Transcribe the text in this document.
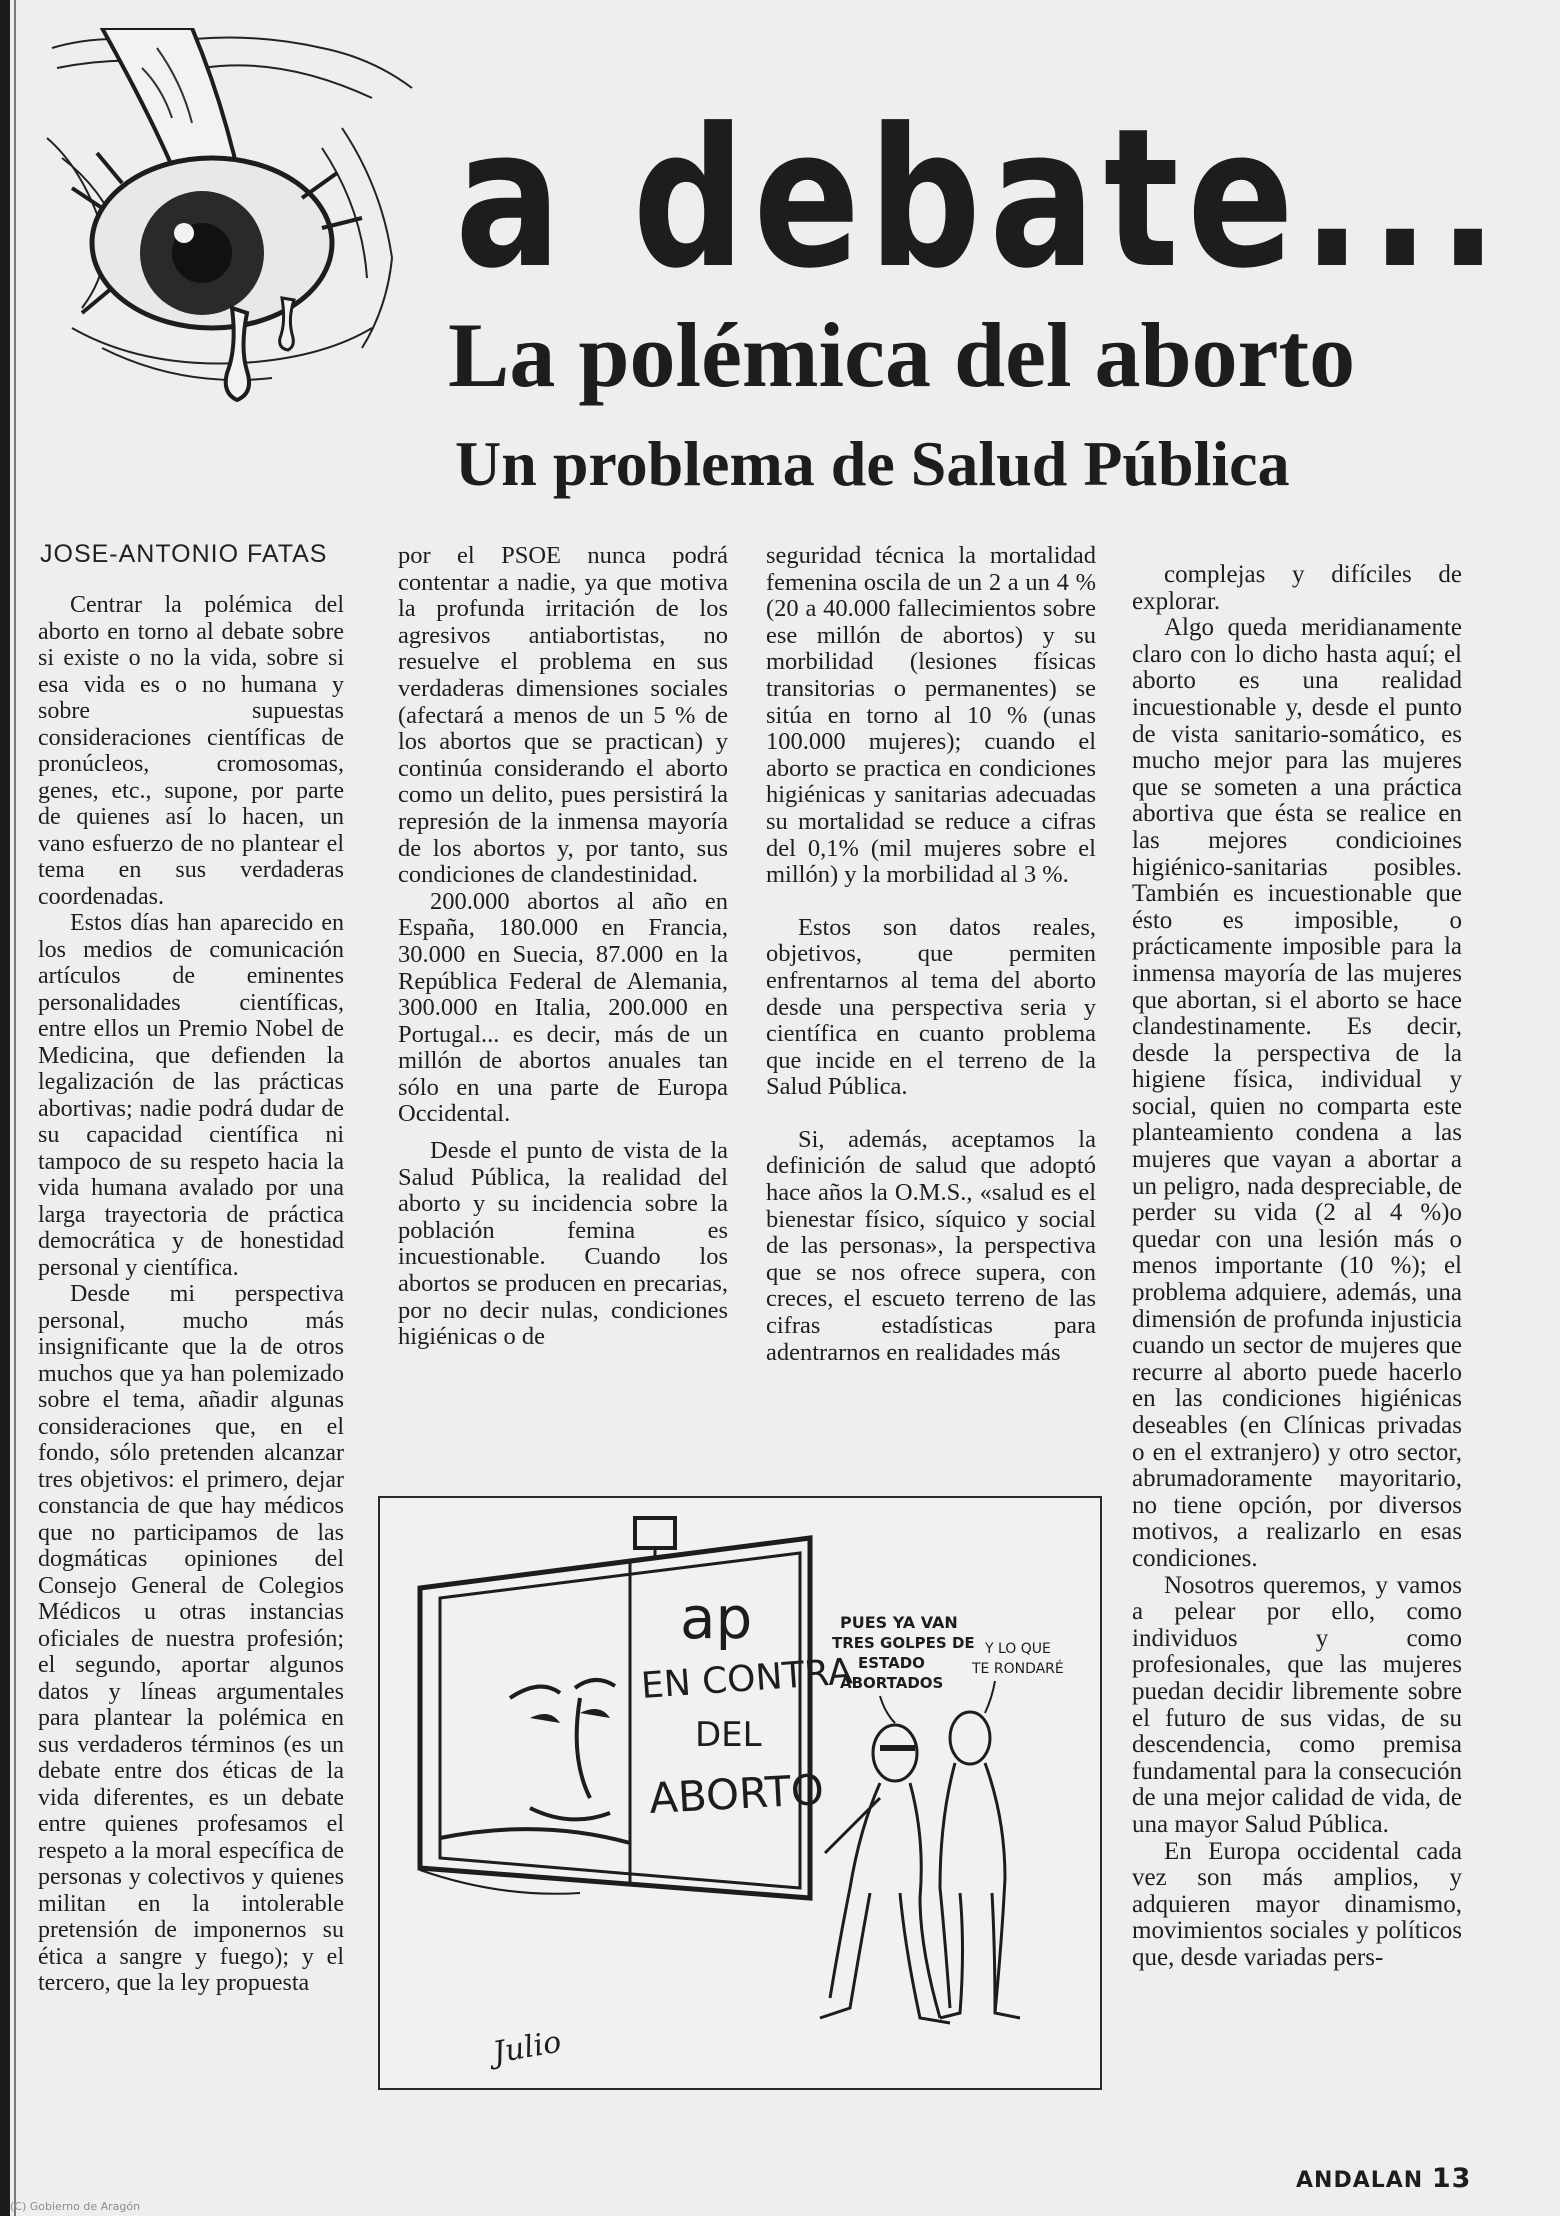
a debate...
La polémica del aborto
Un problema de Salud Pública
JOSE-ANTONIO FATAS

Centrar la polémica del aborto en torno al debate sobre si existe o no la vida, sobre si esa vida es o no humana y sobre supuestas consideraciones científicas de pronúcleos, cromosomas, genes, etc., supone, por parte de quienes así lo hacen, un vano esfuerzo de no plantear el tema en sus verdaderas coordenadas.

Estos días han aparecido en los medios de comunicación artículos de eminentes personalidades científicas, entre ellos un Premio Nobel de Medicina, que defienden la legalización de las prácticas abortivas; nadie podrá dudar de su capacidad científica ni tampoco de su respeto hacia la vida humana avalado por una larga trayectoria de práctica democrática y de honestidad personal y científica.

Desde mi perspectiva personal, mucho más insignificante que la de otros muchos que ya han polemizado sobre el tema, añadir algunas consideraciones que, en el fondo, sólo pretenden alcanzar tres objetivos: el primero, dejar constancia de que hay médicos que no participamos de las dogmáticas opiniones del Consejo General de Colegios Médicos u otras instancias oficiales de nuestra profesión; el segundo, aportar algunos datos y líneas argumentales para plantear la polémica en sus verdaderos términos (es un debate entre dos éticas de la vida diferentes, es un debate entre quienes profesamos el respeto a la moral específica de personas y colectivos y quienes militan en la intolerable pretensión de imponernos su ética a sangre y fuego); y el tercero, que la ley propuesta

por el PSOE nunca podrá contentar a nadie, ya que motiva la profunda irritación de los agresivos antiabortistas, no resuelve el problema en sus verdaderas dimensiones sociales (afectará a menos de un 5 % de los abortos que se practican) y continúa considerando el aborto como un delito, pues persistirá la represión de la inmensa mayoría de los abortos y, por tanto, sus condiciones de clandestinidad.

200.000 abortos al año en España, 180.000 en Francia, 30.000 en Suecia, 87.000 en la República Federal de Alemania, 300.000 en Italia, 200.000 en Portugal... es decir, más de un millón de abortos anuales tan sólo en una parte de Europa Occidental.

Desde el punto de vista de la Salud Pública, la realidad del aborto y su incidencia sobre la población femina es incuestionable. Cuando los abortos se producen en precarias, por no decir nulas, condiciones higiénicas o de

seguridad técnica la mortalidad femenina oscila de un 2 a un 4 % (20 a 40.000 fallecimientos sobre ese millón de abortos) y su morbilidad (lesiones físicas transitorias o permanentes) se sitúa en torno al 10 % (unas 100.000 mujeres); cuando el aborto se practica en condiciones higiénicas y sanitarias adecuadas su mortalidad se reduce a cifras del 0,1% (mil mujeres sobre el millón) y la morbilidad al 3 %.

Estos son datos reales, objetivos, que permiten enfrentarnos al tema del aborto desde una perspectiva seria y científica en cuanto problema que incide en el terreno de la Salud Pública.

Si, además, aceptamos la definición de salud que adoptó hace años la O.M.S., «salud es el bienestar físico, síquico y social de las personas», la perspectiva que se nos ofrece supera, con creces, el escueto terreno de las cifras estadísticas para adentrarnos en realidades más

complejas y difíciles de explorar.

Algo queda meridianamente claro con lo dicho hasta aquí; el aborto es una realidad incuestionable y, desde el punto de vista sanitario-somático, es mucho mejor para las mujeres que se someten a una práctica abortiva que ésta se realice en las mejores condicioines higiénico-sanitarias posibles. También es incuestionable que ésto es imposible, o prácticamente imposible para la inmensa mayoría de las mujeres que abortan, si el aborto se hace clandestinamente. Es decir, desde la perspectiva de la higiene física, individual y social, quien no comparta este planteamiento condena a las mujeres que vayan a abortar a un peligro, nada despreciable, de perder su vida (2 al 4 %)o quedar con una lesión más o menos importante (10 %); el problema adquiere, además, una dimensión de profunda injusticia cuando un sector de mujeres que recurre al aborto puede hacerlo en las condiciones higiénicas deseables (en Clínicas privadas o en el extranjero) y otro sector, abrumadoramente mayoritario, no tiene opción, por diversos motivos, a realizarlo en esas condiciones.

Nosotros queremos, y vamos a pelear por ello, como individuos y como profesionales, que las mujeres puedan decidir libremente sobre el futuro de sus vidas, de su descendencia, como premisa fundamental para la consecución de una mejor calidad de vida, de una mayor Salud Pública.

En Europa occidental cada vez son más amplios, y adquieren mayor dinamismo, movimientos sociales y políticos que, desde variadas pers-

ap
EN CONTRA
DEL
ABORTO
PUES YA VAN
TRES GOLPES DE
ESTADO
ABORTADOS
Y LO QUE
TE RONDARÉ
Julio
ANDALAN 13
(C) Gobierno de Aragón
